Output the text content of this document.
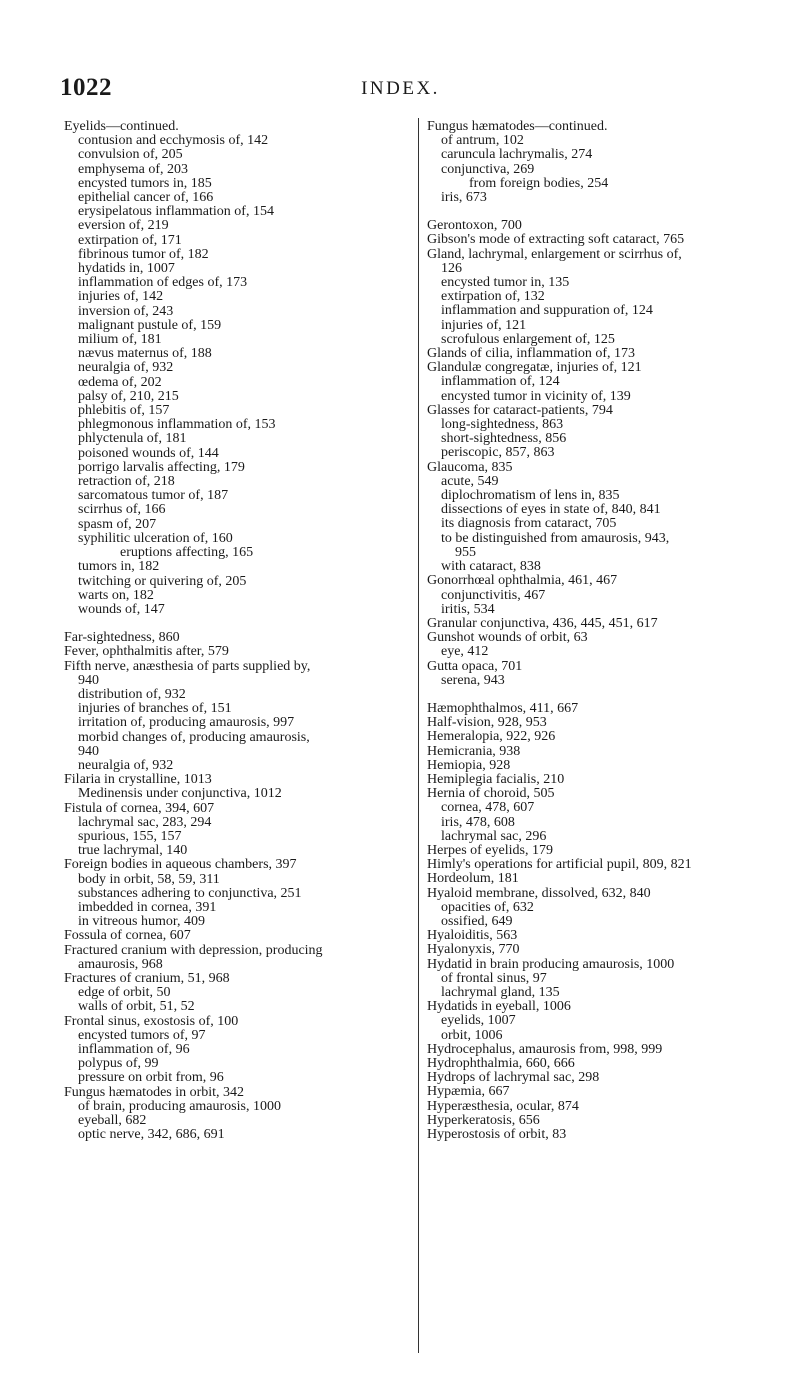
1022	INDEX.
Eyelids—continued.
contusion and ecchymosis of, 142
convulsion of, 205
emphysema of, 203
encysted tumors in, 185
epithelial cancer of, 166
erysipelatous inflammation of, 154
eversion of, 219
extirpation of, 171
fibrinous tumor of, 182
hydatids in, 1007
inflammation of edges of, 173
injuries of, 142
inversion of, 243
malignant pustule of, 159
milium of, 181
nævus maternus of, 188
neuralgia of, 932
œdema of, 202
palsy of, 210, 215
phlebitis of, 157
phlegmonous inflammation of, 153
phlyctenula of, 181
poisoned wounds of, 144
porrigo larvalis affecting, 179
retraction of, 218
sarcomatous tumor of, 187
scirrhus of, 166
spasm of, 207
syphilitic ulceration of, 160
eruptions affecting, 165
tumors in, 182
twitching or quivering of, 205
warts on, 182
wounds of, 147
Far-sightedness, 860
Fever, ophthalmitis after, 579
Fifth nerve, anæsthesia of parts supplied by,
940
distribution of, 932
injuries of branches of, 151
irritation of, producing amaurosis, 997
morbid changes of, producing amaurosis,
940
neuralgia of, 932
Filaria in crystalline, 1013
Medinensis under conjunctiva, 1012
Fistula of cornea, 394, 607
lachrymal sac, 283, 294
spurious, 155, 157
true lachrymal, 140
Foreign bodies in aqueous chambers, 397
body in orbit, 58, 59, 311
substances adhering to conjunctiva, 251
imbedded in cornea, 391
in vitreous humor, 409
Fossula of cornea, 607
Fractured cranium with depression, producing
amaurosis, 968
Fractures of cranium, 51, 968
edge of orbit, 50
walls of orbit, 51, 52
Frontal sinus, exostosis of, 100
encysted tumors of, 97
inflammation of, 96
polypus of, 99
pressure on orbit from, 96
Fungus hæmatodes in orbit, 342
of brain, producing amaurosis, 1000
eyeball, 682
optic nerve, 342, 686, 691
Fungus hæmatodes—continued.
of antrum, 102
caruncula lachrymalis, 274
conjunctiva, 269
from foreign bodies, 254
iris, 673
Gerontoxon, 700
Gibson's mode of extracting soft cataract, 765
Gland, lachrymal, enlargement or scirrhus of,
126
encysted tumor in, 135
extirpation of, 132
inflammation and suppuration of, 124
injuries of, 121
scrofulous enlargement of, 125
Glands of cilia, inflammation of, 173
Glandulæ congregatæ, injuries of, 121
inflammation of, 124
encysted tumor in vicinity of, 139
Glasses for cataract-patients, 794
long-sightedness, 863
short-sightedness, 856
periscopic, 857, 863
Glaucoma, 835
acute, 549
diplochromatism of lens in, 835
dissections of eyes in state of, 840, 841
its diagnosis from cataract, 705
to be distinguished from amaurosis, 943,
955
with cataract, 838
Gonorrhœal ophthalmia, 461, 467
conjunctivitis, 467
iritis, 534
Granular conjunctiva, 436, 445, 451, 617
Gunshot wounds of orbit, 63
eye, 412
Gutta opaca, 701
serena, 943
Hæmophthalmos, 411, 667
Half-vision, 928, 953
Hemeralopia, 922, 926
Hemicrania, 938
Hemiopia, 928
Hemiplegia facialis, 210
Hernia of choroid, 505
cornea, 478, 607
iris, 478, 608
lachrymal sac, 296
Herpes of eyelids, 179
Himly's operations for artificial pupil, 809, 821
Hordeolum, 181
Hyaloid membrane, dissolved, 632, 840
opacities of, 632
ossified, 649
Hyaloiditis, 563
Hyalonyxis, 770
Hydatid in brain producing amaurosis, 1000
of frontal sinus, 97
lachrymal gland, 135
Hydatids in eyeball, 1006
eyelids, 1007
orbit, 1006
Hydrocephalus, amaurosis from, 998, 999
Hydrophthalmia, 660, 666
Hydrops of lachrymal sac, 298
Hypæmia, 667
Hyperæsthesia, ocular, 874
Hyperkeratosis, 656
Hyperostosis of orbit, 83
